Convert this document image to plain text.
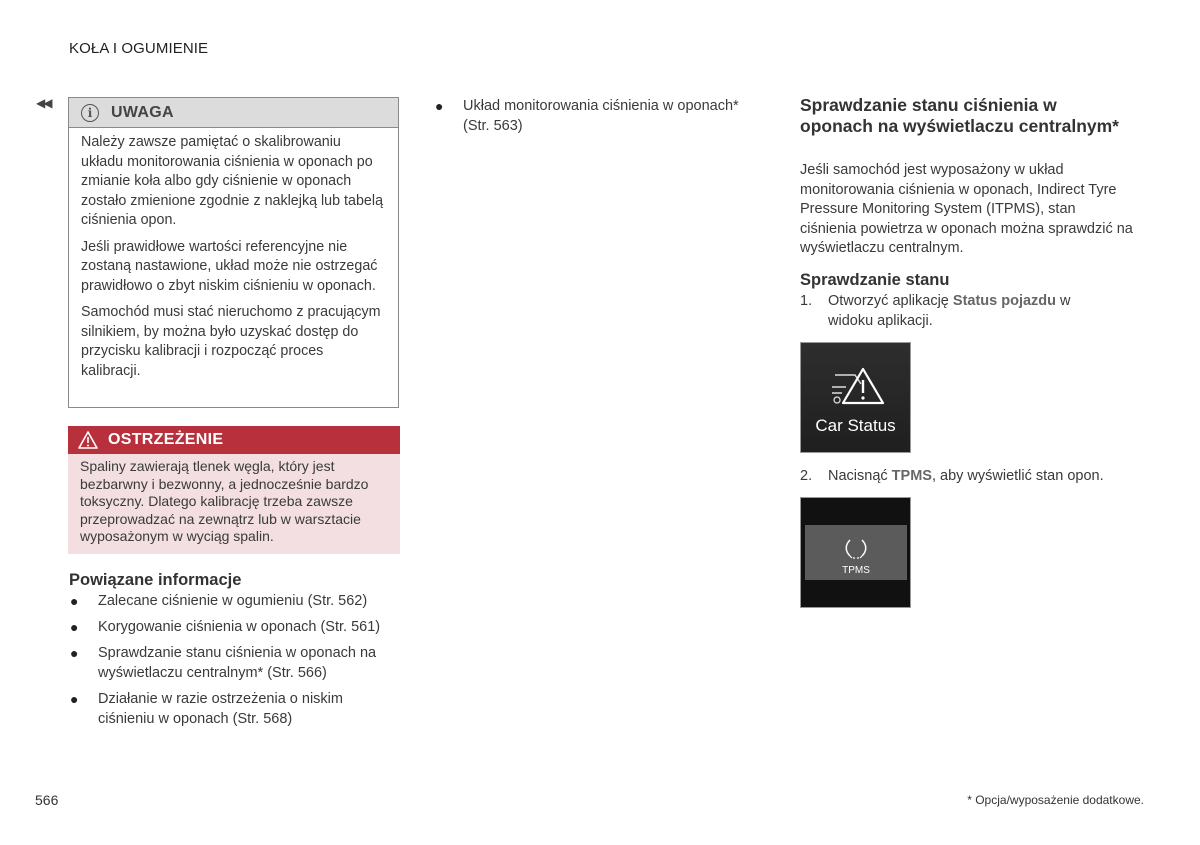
KOŁA I OGUMIENIE
◀◀
i	UWAGA

Należy zawsze pamiętać o skalibrowaniu układu monitorowania ciśnienia w oponach po zmianie koła albo gdy ciśnienie w oponach zostało zmienione zgodnie z naklejką lub tabelą ciśnienia opon.

Jeśli prawidłowe wartości referencyjne nie zostaną nastawione, układ może nie ostrzegać prawidłowo o zbyt niskim ciśnieniu w oponach.

Samochód musi stać nieruchomo z pracującym silnikiem, by można było uzyskać dostęp do przycisku kalibracji i rozpocząć proces kalibracji.

OSTRZEŻENIE
Spaliny zawierają tlenek węgla, który jest bezbarwny i bezwonny, a jednocześnie bardzo toksyczny. Dlatego kalibrację trzeba zawsze przeprowadzać na zewnątrz lub w warsztacie wyposażonym w wyciąg spalin.
Powiązane informacje
● Zalecane ciśnienie w ogumieniu (Str. 562)
● Korygowanie ciśnienia w oponach (Str. 561)
● Sprawdzanie stanu ciśnienia w oponach na wyświetlaczu centralnym* (Str. 566)
● Działanie w razie ostrzeżenia o niskim ciśnieniu w oponach (Str. 568)
● Układ monitorowania ciśnienia w oponach* (Str. 563)
Sprawdzanie stanu ciśnienia w oponach na wyświetlaczu centralnym*
Jeśli samochód jest wyposażony w układ monitorowania ciśnienia w oponach, Indirect Tyre Pressure Monitoring System (ITPMS), stan ciśnienia powietrza w oponach można sprawdzić na wyświetlaczu centralnym.
Sprawdzanie stanu
1. Otworzyć aplikację Status pojazdu w widoku aplikacji.
Car Status
2. Nacisnąć TPMS, aby wyświetlić stan opon.
TPMS
566	* Opcja/wyposażenie dodatkowe.
